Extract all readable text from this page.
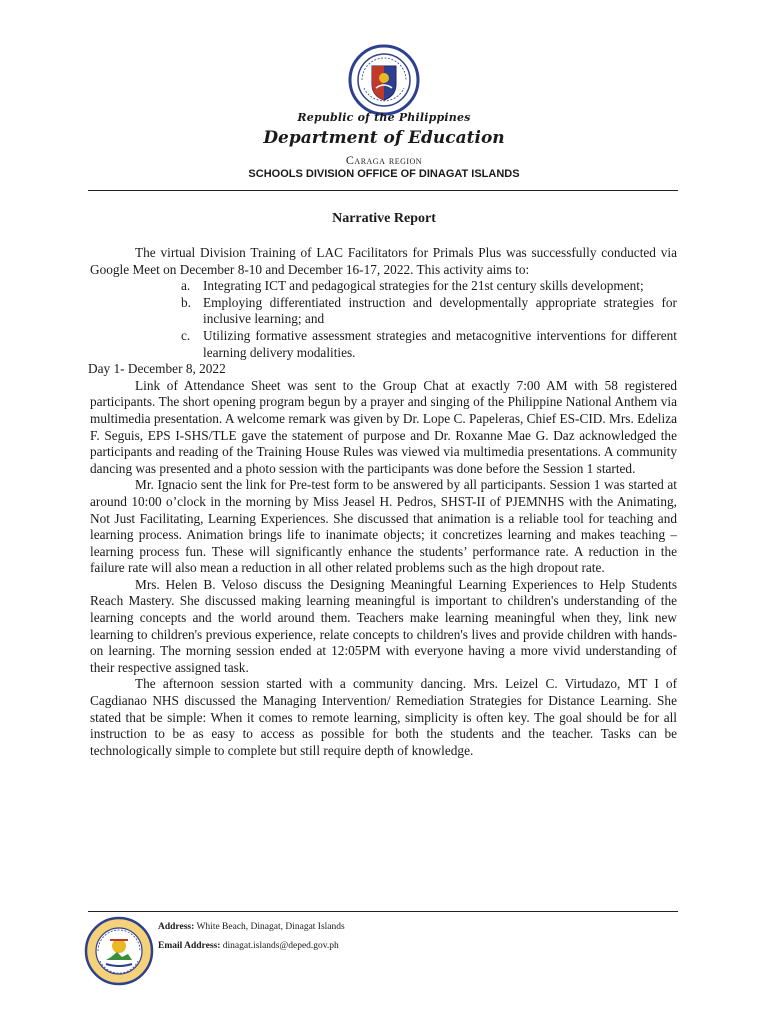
Republic of the Philippines
Department of Education
Caraga region
SCHOOLS DIVISION OFFICE OF DINAGAT ISLANDS
Narrative Report

The virtual Division Training of LAC Facilitators for Primals Plus was successfully conducted via Google Meet on December 8-10 and December 16-17, 2022. This activity aims to:

a. Integrating ICT and pedagogical strategies for the 21st century skills development;
b. Employing differentiated instruction and developmentally appropriate strategies for inclusive learning; and
c. Utilizing formative assessment strategies and metacognitive interventions for different learning delivery modalities.

Day 1- December 8, 2022

Link of Attendance Sheet was sent to the Group Chat at exactly 7:00 AM with 58 registered participants. The short opening program begun by a prayer and singing of the Philippine National Anthem via multimedia presentation. A welcome remark was given by Dr. Lope C. Papeleras, Chief ES-CID. Mrs. Edeliza F. Seguis, EPS I-SHS/TLE gave the statement of purpose and Dr. Roxanne Mae G. Daz acknowledged the participants and reading of the Training House Rules was viewed via multimedia presentations. A community dancing was presented and a photo session with the participants was done before the Session 1 started.

Mr. Ignacio sent the link for Pre-test form to be answered by all participants. Session 1 was started at around 10:00 o’clock in the morning by Miss Jeasel H. Pedros, SHST-II of PJEMNHS with the Animating, Not Just Facilitating, Learning Experiences. She discussed that animation is a reliable tool for teaching and learning process. Animation brings life to inanimate objects; it concretizes learning and makes teaching – learning process fun. These will significantly enhance the students’ performance rate. A reduction in the failure rate will also mean a reduction in all other related problems such as the high dropout rate.

Mrs. Helen B. Veloso discuss the Designing Meaningful Learning Experiences to Help Students Reach Mastery. She discussed making learning meaningful is important to children's understanding of the learning concepts and the world around them. Teachers make learning meaningful when they, link new learning to children's previous experience, relate concepts to children's lives and provide children with hands-on learning. The morning session ended at 12:05PM with everyone having a more vivid understanding of their respective assigned task.

The afternoon session started with a community dancing. Mrs. Leizel C. Virtudazo, MT I of Cagdianao NHS discussed the Managing Intervention/ Remediation Strategies for Distance Learning. She stated that be simple: When it comes to remote learning, simplicity is often key. The goal should be for all instruction to be as easy to access as possible for both the students and the teacher. Tasks can be technologically simple to complete but still require depth of knowledge.

Address: White Beach, Dinagat, Dinagat Islands
Email Address: dinagat.islands@deped.gov.ph
